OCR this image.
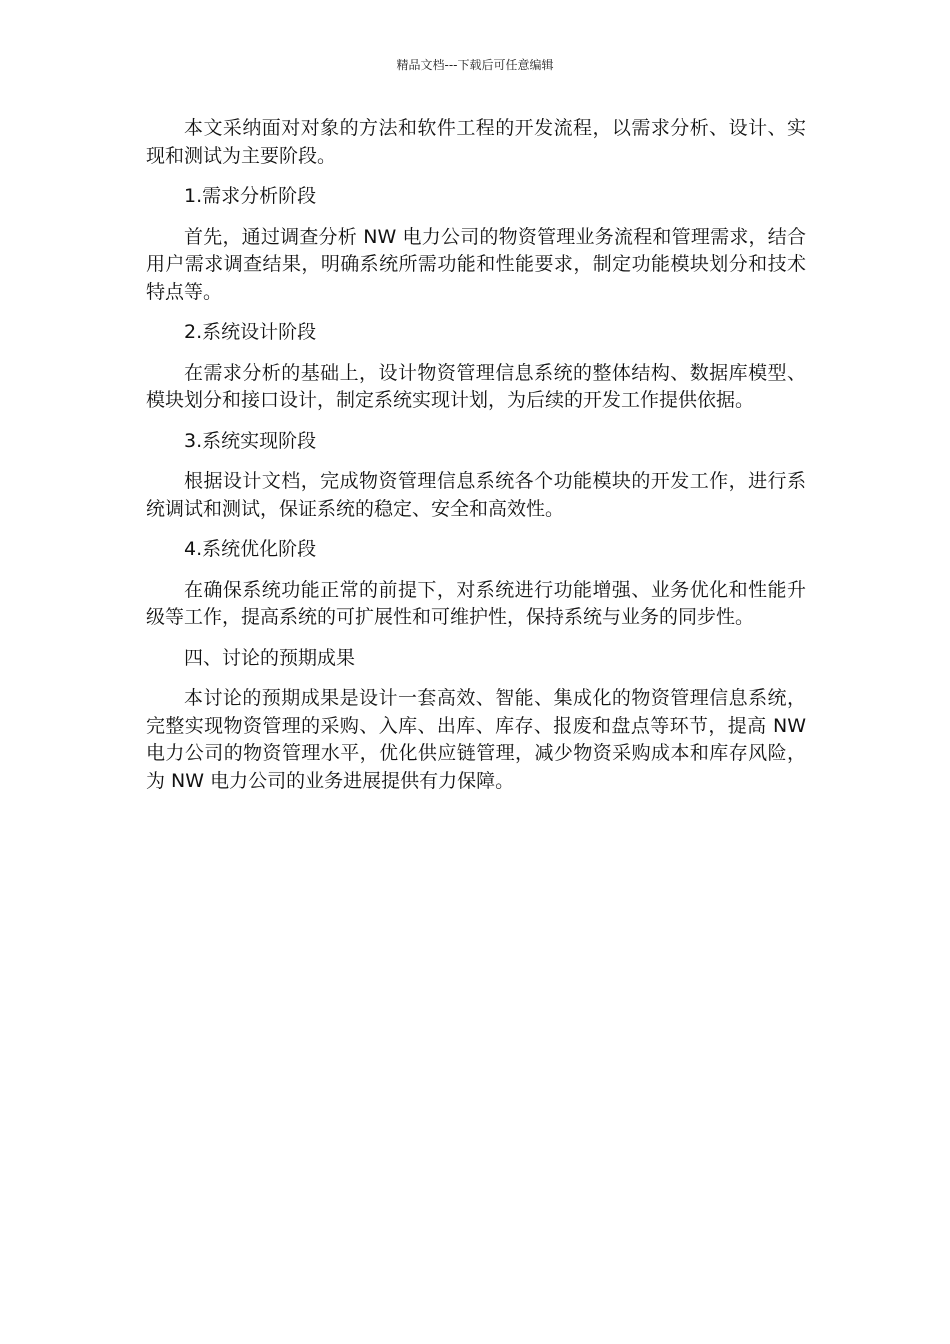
精品文档---下载后可任意编辑

本文采纳面对对象的方法和软件工程的开发流程，以需求分析、设计、实现和测试为主要阶段。

1.需求分析阶段

首先，通过调查分析 NW 电力公司的物资管理业务流程和管理需求，结合用户需求调查结果，明确系统所需功能和性能要求，制定功能模块划分和技术特点等。

2.系统设计阶段

在需求分析的基础上，设计物资管理信息系统的整体结构、数据库模型、模块划分和接口设计，制定系统实现计划，为后续的开发工作提供依据。

3.系统实现阶段

根据设计文档，完成物资管理信息系统各个功能模块的开发工作，进行系统调试和测试，保证系统的稳定、安全和高效性。

4.系统优化阶段

在确保系统功能正常的前提下，对系统进行功能增强、业务优化和性能升级等工作，提高系统的可扩展性和可维护性，保持系统与业务的同步性。

四、讨论的预期成果

本讨论的预期成果是设计一套高效、智能、集成化的物资管理信息系统，完整实现物资管理的采购、入库、出库、库存、报废和盘点等环节，提高 NW 电力公司的物资管理水平，优化供应链管理，减少物资采购成本和库存风险，为 NW 电力公司的业务进展提供有力保障。
